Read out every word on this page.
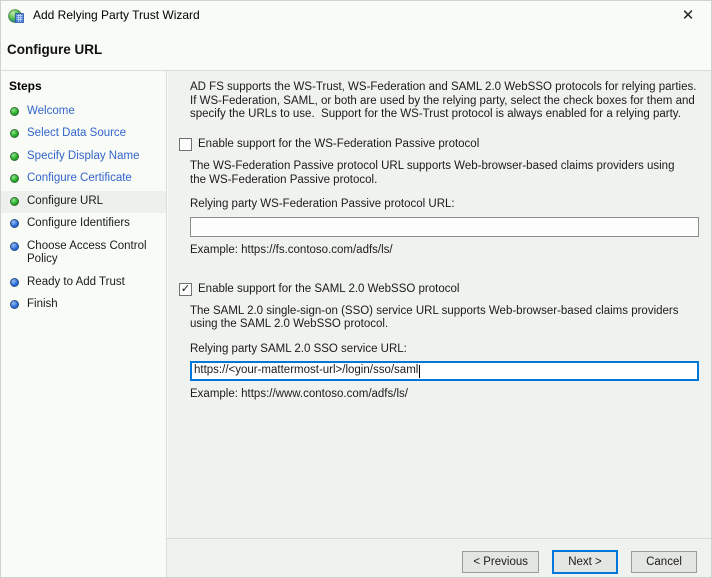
Add Relying Party Trust Wizard	✕
Configure URL
Steps
Welcome
Select Data Source
Specify Display Name
Configure Certificate
Configure URL
Configure Identifiers
Choose Access Control Policy
Ready to Add Trust
Finish

AD FS supports the WS-Trust, WS-Federation and SAML 2.0 WebSSO protocols for relying parties.  If WS-Federation, SAML, or both are used by the relying party, select the check boxes for them and specify the URLs to use.  Support for the WS-Trust protocol is always enabled for a relying party.

Enable support for the WS-Federation Passive protocol

The WS-Federation Passive protocol URL supports Web-browser-based claims providers using the WS-Federation Passive protocol.

Relying party WS-Federation Passive protocol URL:
Example: https://fs.contoso.com/adfs/ls/
✓ Enable support for the SAML 2.0 WebSSO protocol

The SAML 2.0 single-sign-on (SSO) service URL supports Web-browser-based claims providers using the SAML 2.0 WebSSO protocol.

Relying party SAML 2.0 SSO service URL:
https://<your-mattermost-url>/login/sso/saml
Example: https://www.contoso.com/adfs/ls/
< Previous	Next >	Cancel
